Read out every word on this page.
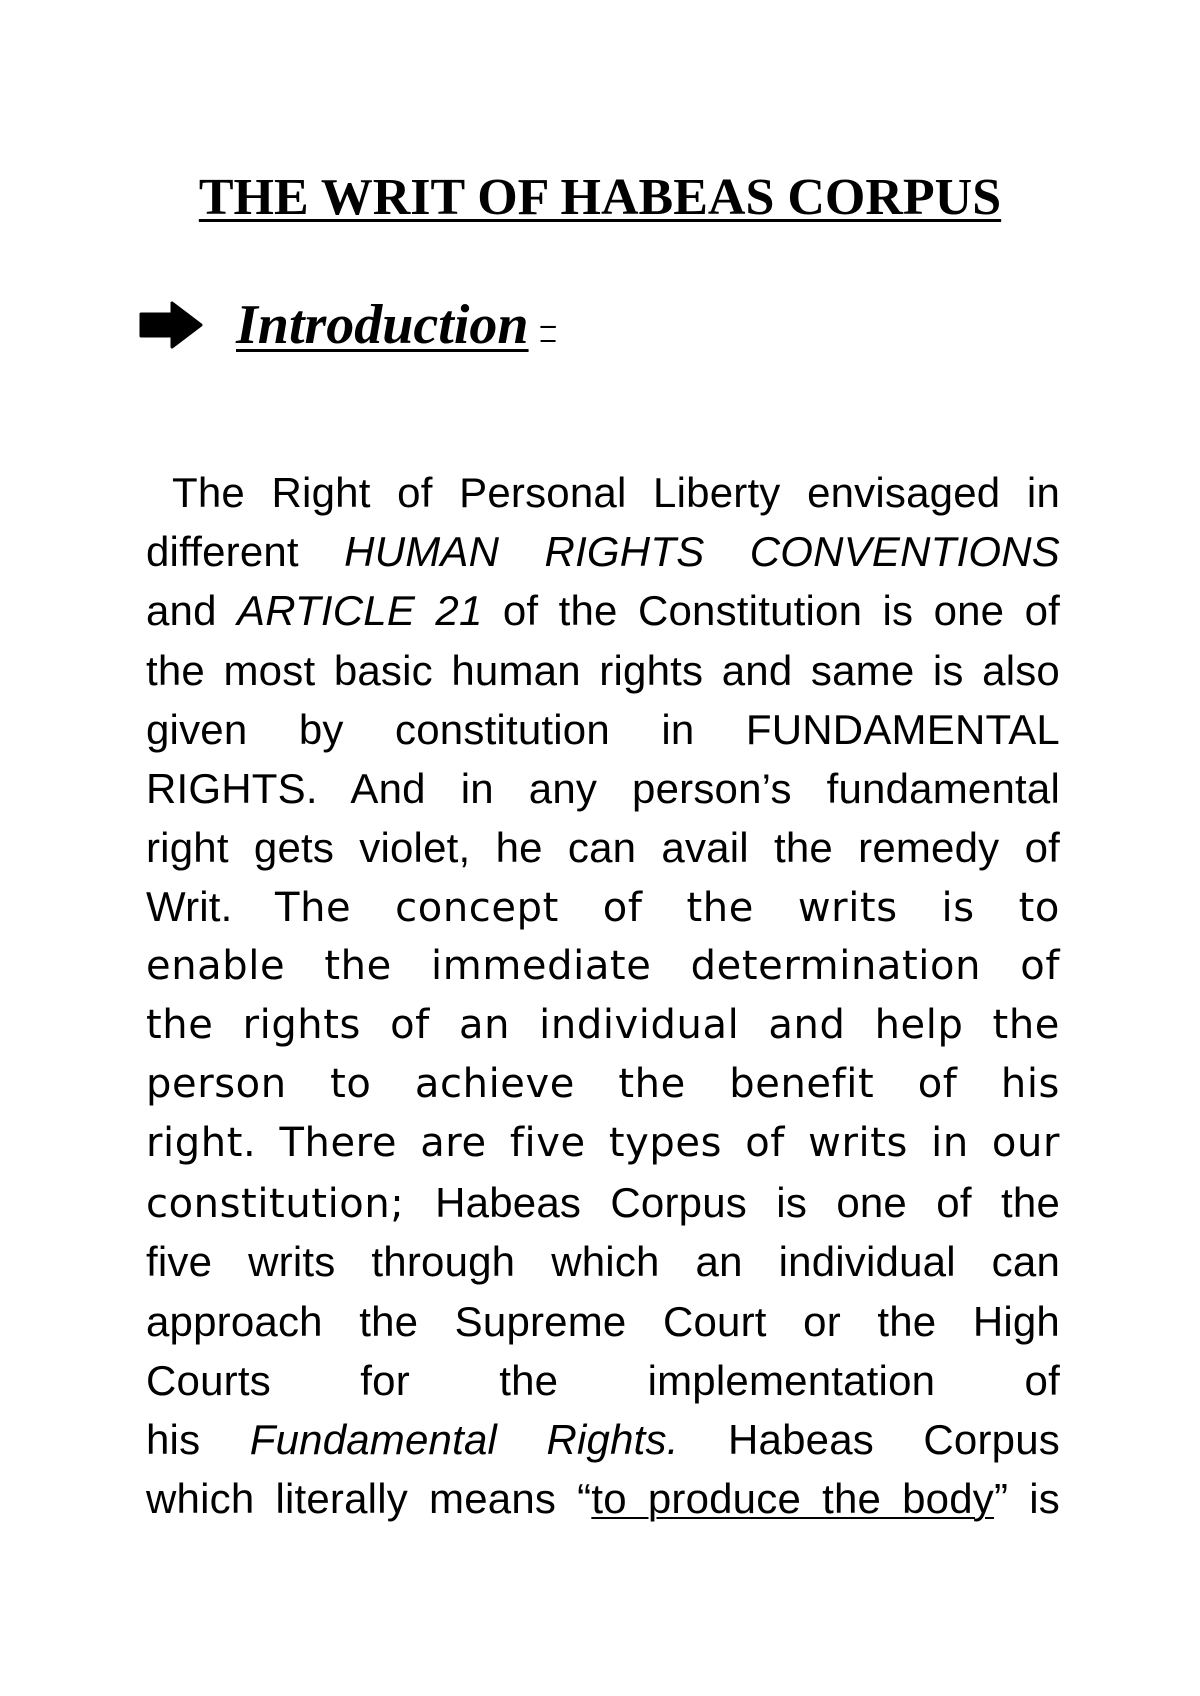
THE WRIT OF HABEAS CORPUS
Introduction –
The Right of Personal Liberty envisaged in
different HUMAN RIGHTS CONVENTIONS
and ARTICLE 21 of the Constitution is one of
the most basic human rights and same is also
given by constitution in FUNDAMENTAL
RIGHTS. And in any person’s fundamental
right gets violet, he can avail the remedy of
Writ. The concept of the writs is to
enable the immediate determination of
the rights of an individual and help the
person to achieve the benefit of his
right. There are five types of writs in our
constitution; Habeas Corpus is one of the
five writs through which an individual can
approach the Supreme Court or the High
Courts for the implementation of
his Fundamental Rights. Habeas Corpus
which literally means “to produce the body” is
